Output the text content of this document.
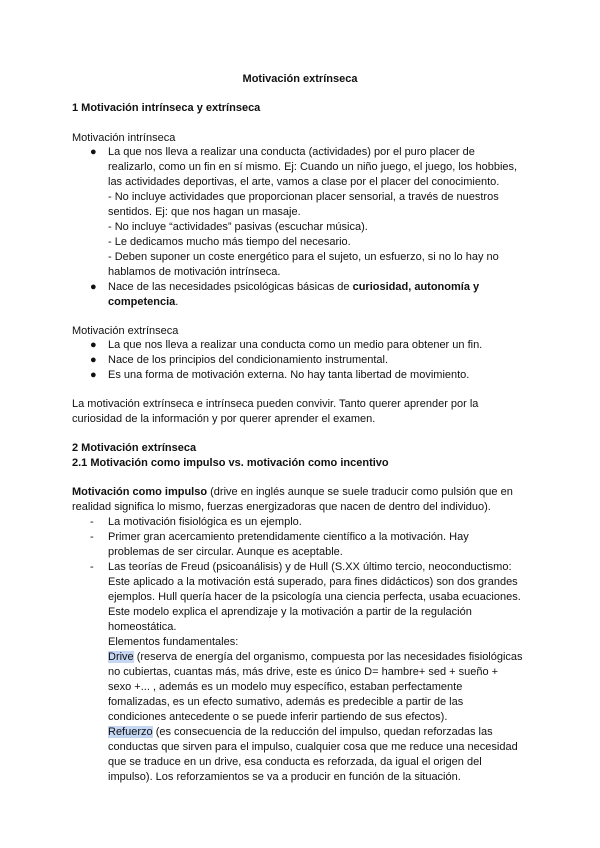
Motivación extrínseca

1 Motivación intrínseca y extrínseca

Motivación intrínseca

● La que nos lleva a realizar una conducta (actividades) por el puro placer de

realizarlo, como un fin en sí mismo. Ej: Cuando un niño juego, el juego, los hobbies,

las actividades deportivas, el arte, vamos a clase por el placer del conocimiento.

- No incluye actividades que proporcionan placer sensorial, a través de nuestros

sentidos. Ej: que nos hagan un masaje.

- No incluye “actividades” pasivas (escuchar música).

- Le dedicamos mucho más tiempo del necesario.

- Deben suponer un coste energético para el sujeto, un esfuerzo, si no lo hay no

hablamos de motivación intrínseca.

● Nace de las necesidades psicológicas básicas de curiosidad, autonomía y

competencia.

Motivación extrínseca

● La que nos lleva a realizar una conducta como un medio para obtener un fin.

● Nace de los principios del condicionamiento instrumental.

● Es una forma de motivación externa. No hay tanta libertad de movimiento.

La motivación extrínseca e intrínseca pueden convivir. Tanto querer aprender por la

curiosidad de la información y por querer aprender el examen.

2 Motivación extrínseca

2.1 Motivación como impulso vs. motivación como incentivo

Motivación como impulso (drive en inglés aunque se suele traducir como pulsión que en

realidad significa lo mismo, fuerzas energizadoras que nacen de dentro del individuo).

- La motivación fisiológica es un ejemplo.

- Primer gran acercamiento pretendidamente científico a la motivación. Hay

problemas de ser circular. Aunque es aceptable.

- Las teorías de Freud (psicoanálisis) y de Hull (S.XX último tercio, neoconductismo:

Este aplicado a la motivación está superado, para fines didácticos) son dos grandes

ejemplos. Hull quería hacer de la psicología una ciencia perfecta, usaba ecuaciones.

Este modelo explica el aprendizaje y la motivación a partir de la regulación

homeostática.

Elementos fundamentales:

Drive (reserva de energía del organismo, compuesta por las necesidades fisiológicas

no cubiertas, cuantas más, más drive, este es único D= hambre+ sed + sueño +

sexo +... , además es un modelo muy específico, estaban perfectamente

fomalizadas, es un efecto sumativo, además es predecible a partir de las

condiciones antecedente o se puede inferir partiendo de sus efectos).

Refuerzo (es consecuencia de la reducción del impulso, quedan reforzadas las

conductas que sirven para el impulso, cualquier cosa que me reduce una necesidad

que se traduce en un drive, esa conducta es reforzada, da igual el origen del

impulso). Los reforzamientos se va a producir en función de la situación.
